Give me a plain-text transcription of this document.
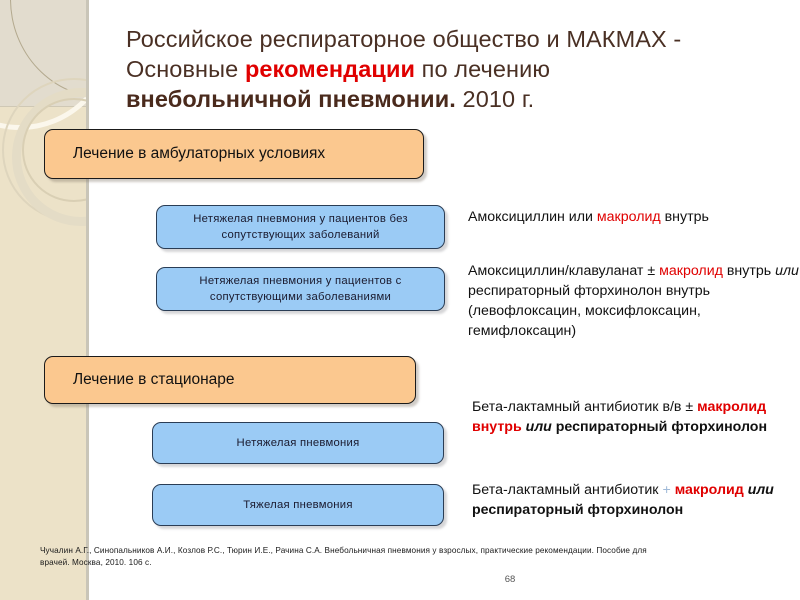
Российское респираторное общество и МАКМАХ -
Основные рекомендации по лечению
внебольничной пневмонии. 2010 г.
Лечение в амбулаторных условиях
Нетяжелая пневмония у пациентов без сопутствующих заболеваний
Амоксициллин или макролид внутрь
Нетяжелая пневмония у пациентов с сопутствующими заболеваниями
Амоксициллин/клавуланат ± макролид внутрь или респираторный фторхинолон внутрь (левофлоксацин, моксифлоксацин, гемифлоксацин)
Лечение в стационаре
Бета-лактамный антибиотик в/в ± макролид внутрь или респираторный фторхинолон
Нетяжелая пневмония
Бета-лактамный антибиотик + макролид или респираторный фторхинолон
Тяжелая пневмония
Чучалин А.Г., Синопальников А.И., Козлов Р.С., Тюрин И.Е., Рачина С.А. Внебольничная пневмония у взрослых, практические рекомендации. Пособие для врачей. Москва, 2010. 106 с.
68
